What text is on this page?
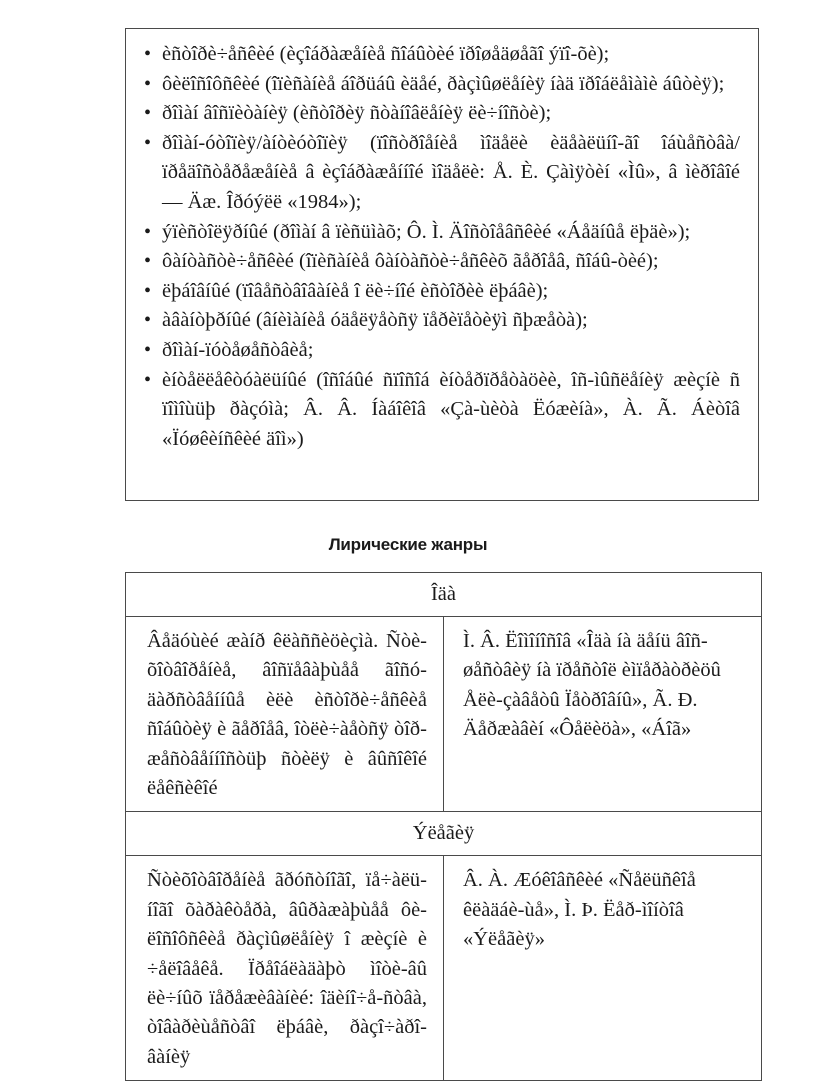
• èñòîðè÷åñêèé (èçîáðàæåíèå ñîáûòèé ïðîøåäøåãî ýïî-õè);
• ôèëîñîôñêèé (îïèñàíèå áîðüáû èäåé, ðàçìûøëåíèÿ íàä ïðîáëåìàìè áûòèÿ);
• ðîìàí âîñïèòàíèÿ (èñòîðèÿ ñòàíîâëåíèÿ ëè÷íîñòè);
• ðîìàí-óòîïèÿ/àíòèóòîïèÿ (ïîñòðîåíèå ìîäåëè èäåàëüíî-ãî îáùåñòâà/ïðåäîñòåðåæåíèå â èçîáðàæåííîé ìîäåëè: Å. È. Çàìÿòèí «Ìû», â ìèðîâîé — Äæ. Îðóýëë «1984»);
• ýïèñòîëÿðíûé (ðîìàí â ïèñüìàõ; Ô. Ì. Äîñòîåâñêèé «Áåäíûå ëþäè»);
• ôàíòàñòè÷åñêèé (îïèñàíèå ôàíòàñòè÷åñêèõ ãåðîåâ, ñîáû-òèé);
• ëþáîâíûé (ïîâåñòâîâàíèå î ëè÷íîé èñòîðèè ëþáâè);
• àâàíòþðíûé (âíèìàíèå óäåëÿåòñÿ ïåðèïåòèÿì ñþæåòà);
• ðîìàí-ïóòåøåñòâèå;
• èíòåëëåêòóàëüíûé (îñîáûé ñïîñîá èíòåðïðåòàöèè, îñ-ìûñëåíèÿ æèçíè ñ ïîìîùüþ ðàçóìà; Â. Â. Íàáîêîâ «Çà-ùèòà Ëóæèíà», À. Ã. Áèòîâ «Ïóøêèíñêèé äîì»)
Лирические жанры
Îäà	
Âåäóùèé æàíð êëàññèöèçìà. Ñòè-õîòâîðåíèå, âîñïåâàþùåå ãîñó-äàðñòâåííûå èëè èñòîðè÷åñêèå ñîáûòèÿ è ãåðîåâ, îòëè÷àåòñÿ òîð-æåñòâåííîñòüþ ñòèëÿ è âûñîêîé ëåêñèêîé	Ì. Â. Ëîìîíîñîâ «Îäà íà äåíü âîñ-øåñòâèÿ íà ïðåñòîë èìïåðàòðèöû Åëè-çàâåòû Ïåòðîâíû», Ã. Ð. Äåðæàâèí «Ôåëèöà», «Áîã»
Ýëåãèÿ	
Ñòèõîòâîðåíèå ãðóñòíîãî, ïå÷àëü-íîãî õàðàêòåðà, âûðàæàþùåå ôè-ëîñîôñêèå ðàçìûøëåíèÿ î æèçíè è ÷åëîâåêå. Ïðåîáëàäàþò ìîòè-âû ëè÷íûõ ïåðåæèâàíèé: îäèíî÷å-ñòâà, òîâàðèùåñòâî ëþáâè, ðàçî÷àðî-âàíèÿ	Â. À. Æóêîâñêèé «Ñåëüñêîå êëàäáè-ùå», Ì. Þ. Ëåð-ìîíòîâ «Ýëåãèÿ»
